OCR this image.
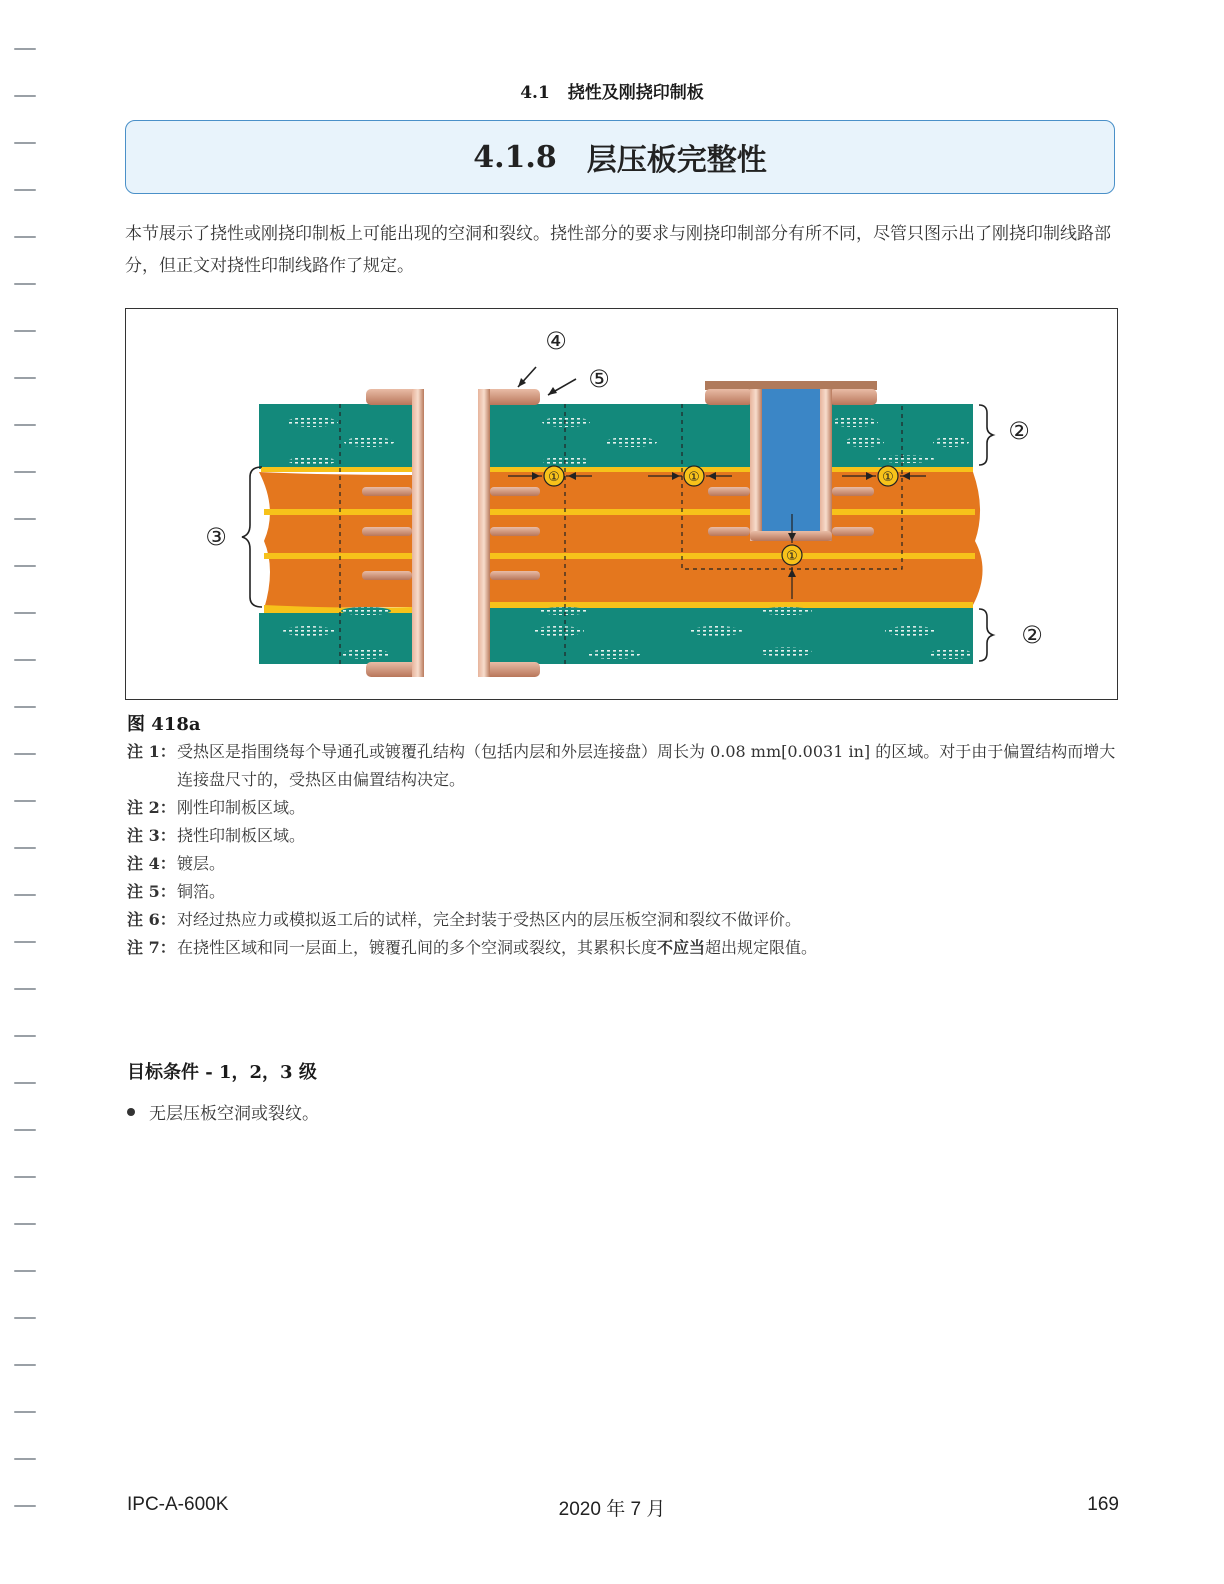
4.1 挠性及刚挠印制板
4.1.8 层压板完整性
本节展示了挠性或刚挠印制板上可能出现的空洞和裂纹。挠性部分的要求与刚挠印制部分有所不同，尽管只图示出了刚挠印制线路部分，但正文对挠性印制线路作了规定。
①	①	①
①
④
⑤
②
②
③
图 418a
注 1： 受热区是指围绕每个导通孔或镀覆孔结构（包括内层和外层连接盘）周长为 0.08 mm[0.0031 in] 的区域。对于由于偏置结构而增大连接盘尺寸的，受热区由偏置结构决定。
注 2： 刚性印制板区域。
注 3： 挠性印制板区域。
注 4： 镀层。
注 5： 铜箔。
注 6： 对经过热应力或模拟返工后的试样，完全封装于受热区内的层压板空洞和裂纹不做评价。
注 7： 在挠性区域和同一层面上，镀覆孔间的多个空洞或裂纹，其累积长度不应当超出规定限值。
目标条件 - 1，2，3 级
无层压板空洞或裂纹。
IPC-A-600K	2020 年 7 月	169
